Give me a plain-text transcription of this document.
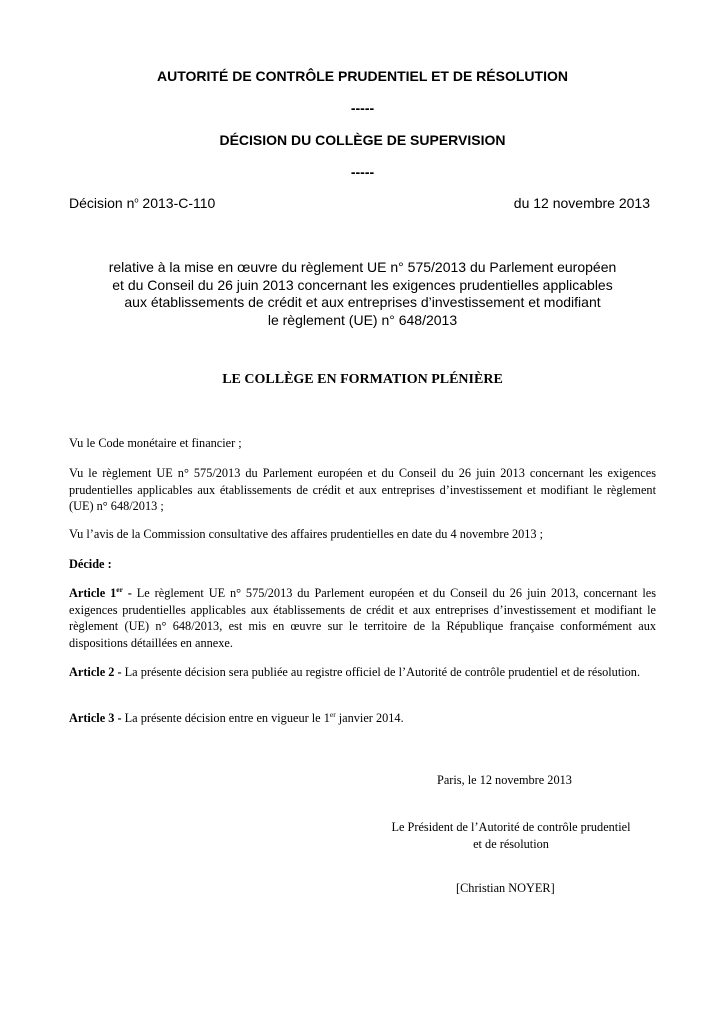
AUTORITÉ DE CONTRÔLE PRUDENTIEL ET DE RÉSOLUTION

-----

DÉCISION DU COLLÈGE DE SUPERVISION

-----

Décision $n^o$ 2013-C-110	du 12 novembre 2013

relative à la mise en œuvre du règlement UE n° 575/2013 du Parlement européen
et du Conseil du 26 juin 2013 concernant les exigences prudentielles applicables
aux établissements de crédit et aux entreprises d’investissement et modifiant
le règlement (UE) n° 648/2013

LE COLLÈGE EN FORMATION PLÉNIÈRE

Vu le Code monétaire et financier ;

Vu le règlement UE n° 575/2013 du Parlement européen et du Conseil du 26 juin 2013 concernant les exigences prudentielles applicables aux établissements de crédit et aux entreprises d’investissement et modifiant le règlement (UE) n° 648/2013 ;

Vu l’avis de la Commission consultative des affaires prudentielles en date du 4 novembre 2013 ;

Décide :

Article 1er - Le règlement UE n° 575/2013 du Parlement européen et du Conseil du 26 juin 2013, concernant les exigences prudentielles applicables aux établissements de crédit et aux entreprises d’investissement et modifiant le règlement (UE) n° 648/2013, est mis en œuvre sur le territoire de la République française conformément aux dispositions détaillées en annexe.

Article 2 - La présente décision sera publiée au registre officiel de l’Autorité de contrôle prudentiel et de résolution.

Article 3 - La présente décision entre en vigueur le 1er janvier 2014.

Paris, le 12 novembre 2013

Le Président de l’Autorité de contrôle prudentiel
et de résolution

[Christian NOYER]
